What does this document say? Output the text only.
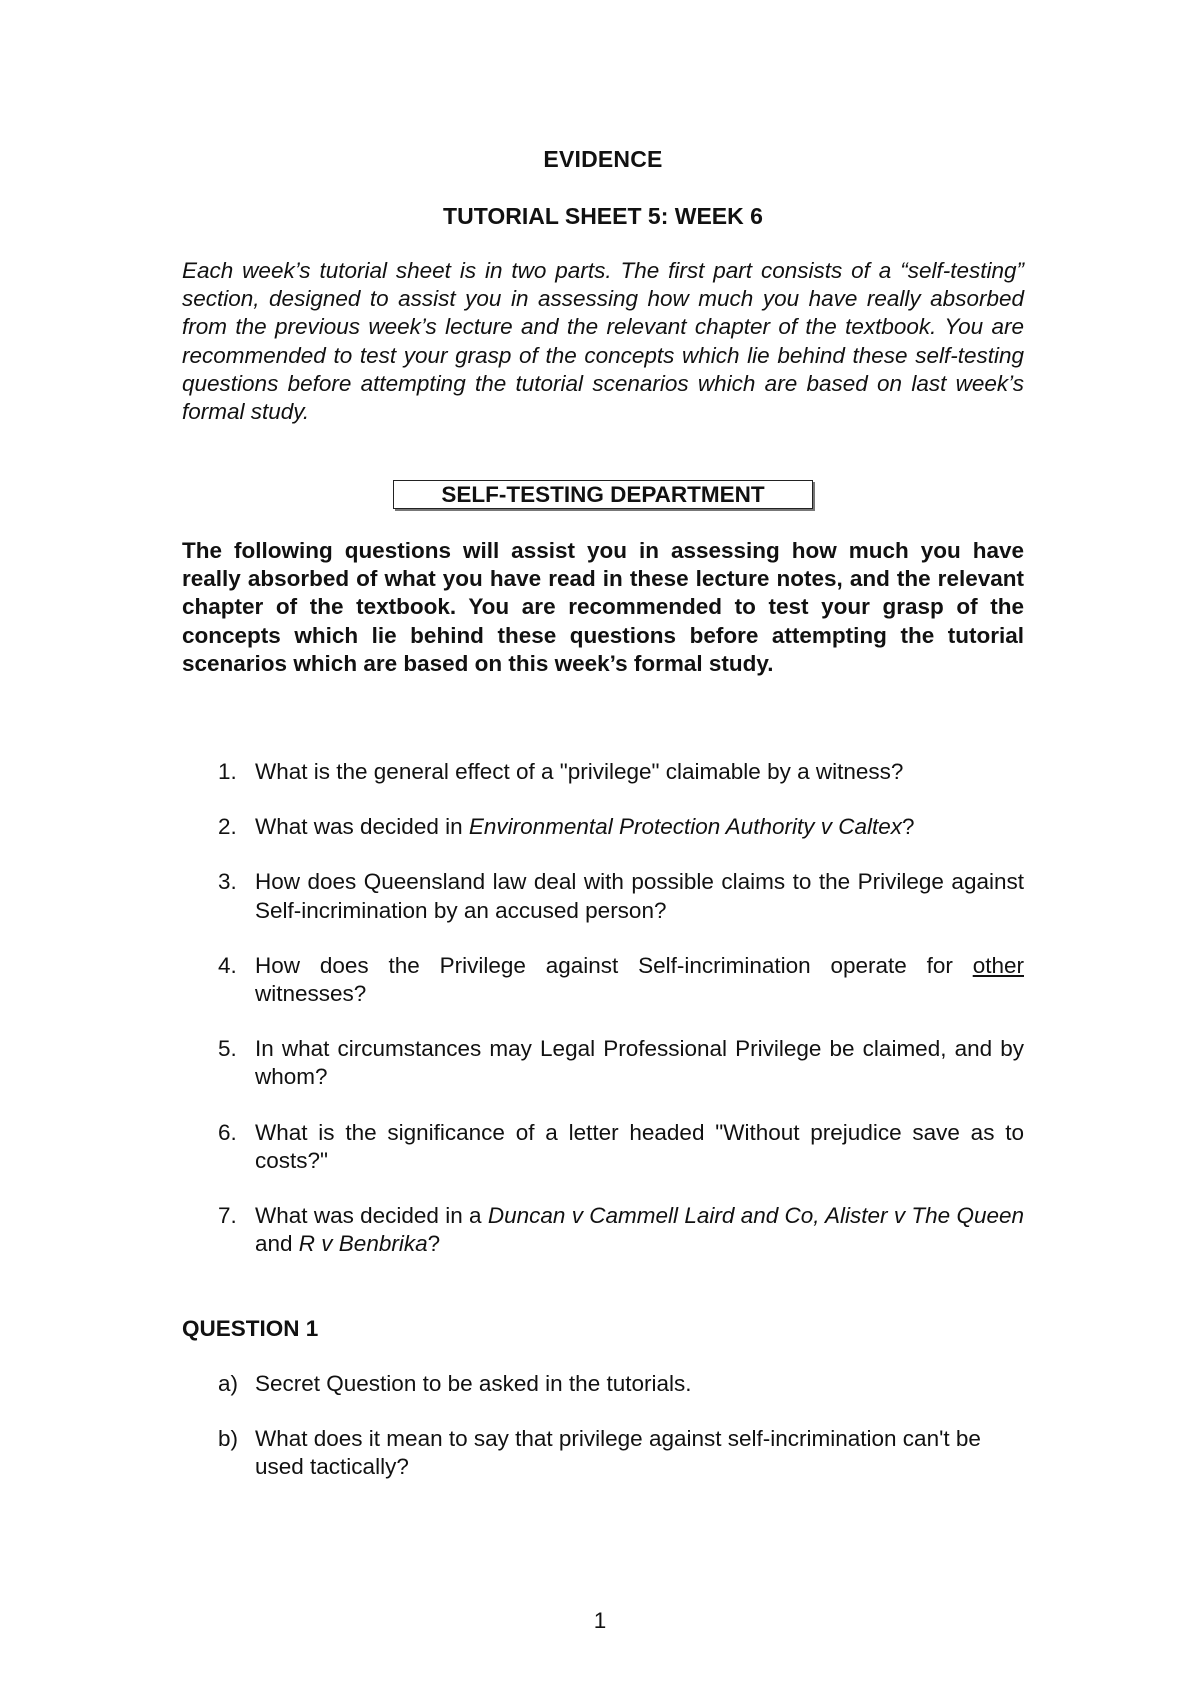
EVIDENCE
TUTORIAL SHEET 5: WEEK 6

Each week’s tutorial sheet is in two parts. The first part consists of a “self-testing” section, designed to assist you in assessing how much you have really absorbed from the previous week’s lecture and the relevant chapter of the textbook. You are recommended to test your grasp of the concepts which lie behind these self-testing questions before attempting the tutorial scenarios which are based on last week’s formal study.

SELF-TESTING DEPARTMENT

The following questions will assist you in assessing how much you have really absorbed of what you have read in these lecture notes, and the relevant chapter of the textbook. You are recommended to test your grasp of the concepts which lie behind these questions before attempting the tutorial scenarios which are based on this week’s formal study.

1. What is the general effect of a "privilege" claimable by a witness?
2. What was decided in Environmental Protection Authority v Caltex?
3. How does Queensland law deal with possible claims to the Privilege against Self-incrimination by an accused person?
4. How does the Privilege against Self-incrimination operate for other witnesses?
5. In what circumstances may Legal Professional Privilege be claimed, and by whom?
6. What is the significance of a letter headed "Without prejudice save as to costs?"
7. What was decided in a Duncan v Cammell Laird and Co, Alister v The Queen and R v Benbrika?
QUESTION 1
a) Secret Question to be asked in the tutorials.
b) What does it mean to say that privilege against self-incrimination can't be used tactically?
1
